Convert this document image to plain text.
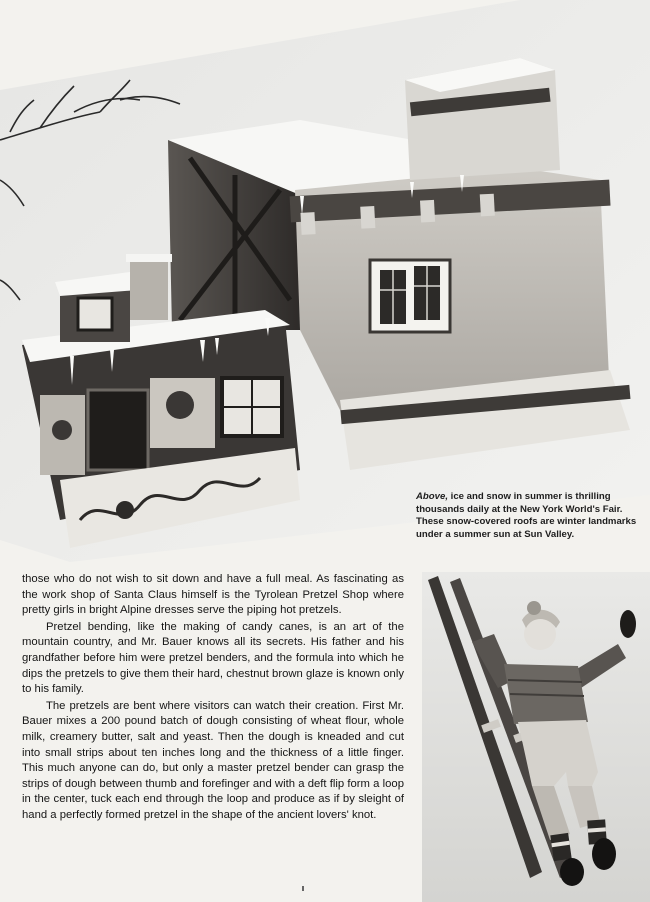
Above, ice and snow in summer is thrilling thousands daily at the New York World's Fair. These snow-covered roofs are winter landmarks under a summer sun at Sun Valley.

those who do not wish to sit down and have a full meal. As fascinating as the work shop of Santa Claus himself is the Tyrolean Pretzel Shop where pretty girls in bright Alpine dresses serve the piping hot pretzels.

Pretzel bending, like the making of candy canes, is an art of the mountain country, and Mr. Bauer knows all its secrets. His father and his grandfather before him were pretzel benders, and the formula into which he dips the pretzels to give them their hard, chestnut brown glaze is known only to his family.

The pretzels are bent where visitors can watch their creation. First Mr. Bauer mixes a 200 pound batch of dough consisting of wheat flour, whole milk, creamery butter, salt and yeast. Then the dough is kneaded and cut into small strips about ten inches long and the thickness of a little finger. This much anyone can do, but only a master pretzel bender can grasp the strips of dough between thumb and forefinger and with a deft flip form a loop in the center, tuck each end through the loop and produce as if by sleight of hand a perfectly formed pretzel in the shape of the ancient lovers' knot.
